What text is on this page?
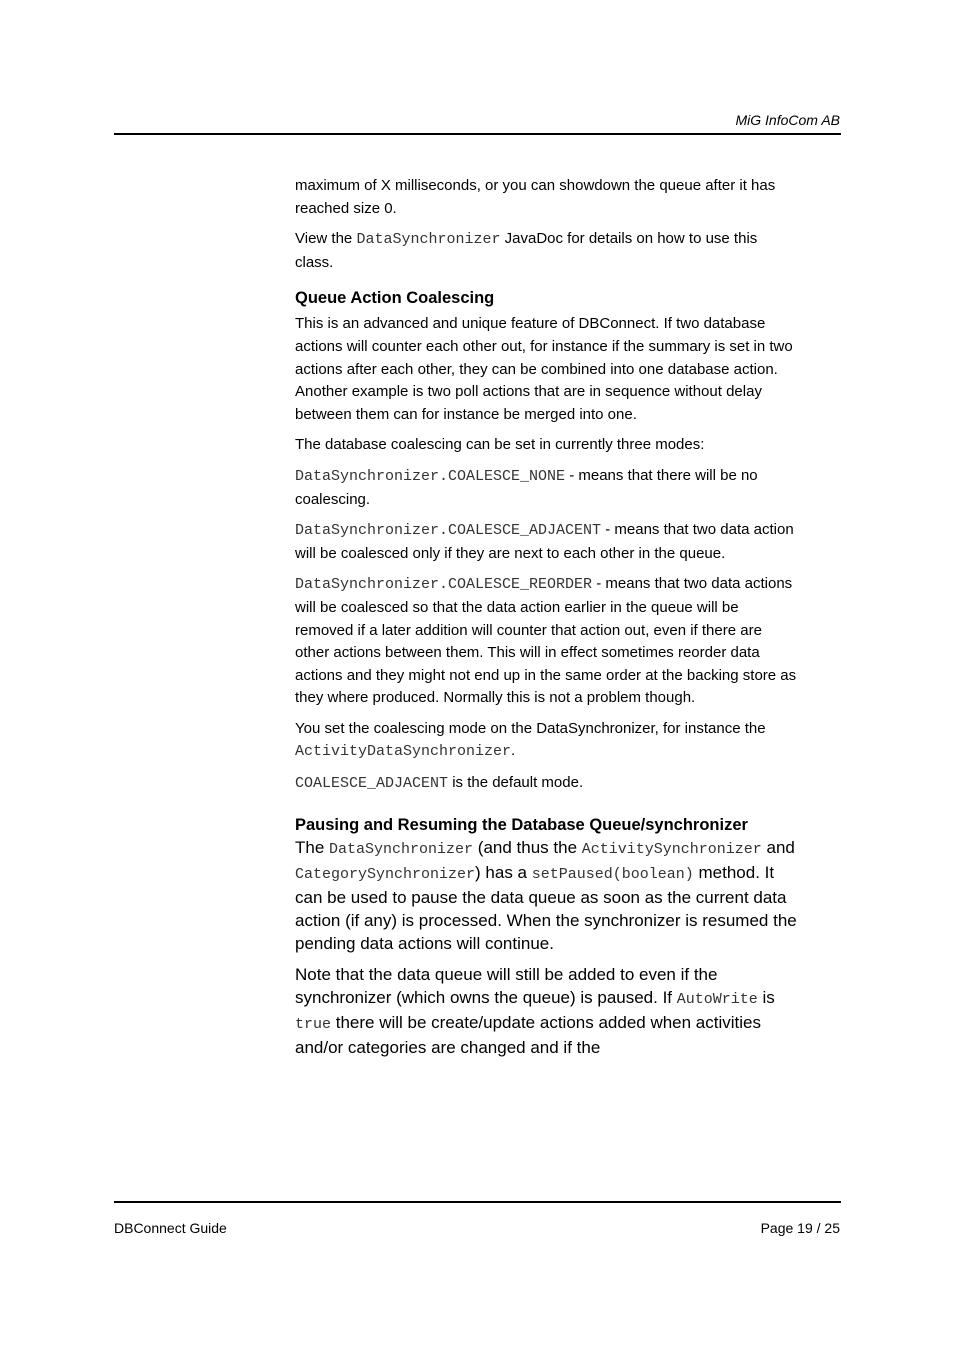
MiG InfoCom AB

maximum of X milliseconds, or you can showdown the queue after it has reached size 0.

View the DataSynchronizer JavaDoc for details on how to use this class.

Queue Action Coalescing

This is an advanced and unique feature of DBConnect. If two database actions will counter each other out, for instance if the summary is set in two actions after each other, they can be combined into one database action. Another example is two poll actions that are in sequence without delay between them can for instance be merged into one.

The database coalescing can be set in currently three modes:

DataSynchronizer.COALESCE_NONE - means that there will be no coalescing.

DataSynchronizer.COALESCE_ADJACENT - means that two data action will be coalesced only if they are next to each other in the queue.

DataSynchronizer.COALESCE_REORDER - means that two data actions will be coalesced so that the data action earlier in the queue will be removed if a later addition will counter that action out, even if there are other actions between them. This will in effect sometimes reorder data actions and they might not end up in the same order at the backing store as they where produced. Normally this is not a problem though.

You set the coalescing mode on the DataSynchronizer, for instance the ActivityDataSynchronizer.

COALESCE_ADJACENT is the default mode.

Pausing and Resuming the Database Queue/synchronizer

The DataSynchronizer (and thus the ActivitySynchronizer and CategorySynchronizer) has a setPaused(boolean) method. It can be used to pause the data queue as soon as the current data action (if any) is processed. When the synchronizer is resumed the pending data actions will continue.

Note that the data queue will still be added to even if the synchronizer (which owns the queue) is paused. If AutoWrite is true there will be create/update actions added when activities and/or categories are changed and if the

DBConnect Guide	Page 19 / 25
